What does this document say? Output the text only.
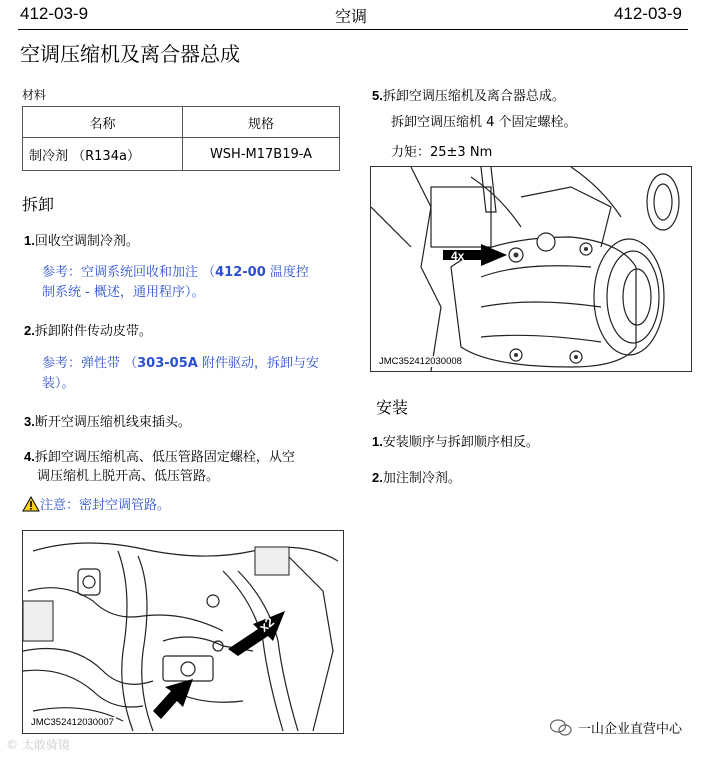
412-03-9	空调	412-03-9
空调压缩机及离合器总成
材料
名称	规格
制冷剂 （R134a）	WSH-M17B19-A
拆卸
1.回收空调制冷剂。
参考：空调系统回收和加注 （412-00 温度控
制系统 - 概述，通用程序）。
2.拆卸附件传动皮带。
参考：弹性带 （303-05A 附件驱动，拆卸与安
装）。
3.断开空调压缩机线束插头。
4.拆卸空调压缩机高、低压管路固定螺栓，从空
调压缩机上脱开高、低压管路。
注意：密封空调管路。
x2
JMC352412030007
5.拆卸空调压缩机及离合器总成。
拆卸空调压缩机 4 个固定螺栓。
力矩：25±3 Nm
4x
JMC352412030008
安装
1.安装顺序与拆卸顺序相反。
2.加注制冷剂。
一山企业直营中心
© 太敢骑镜
